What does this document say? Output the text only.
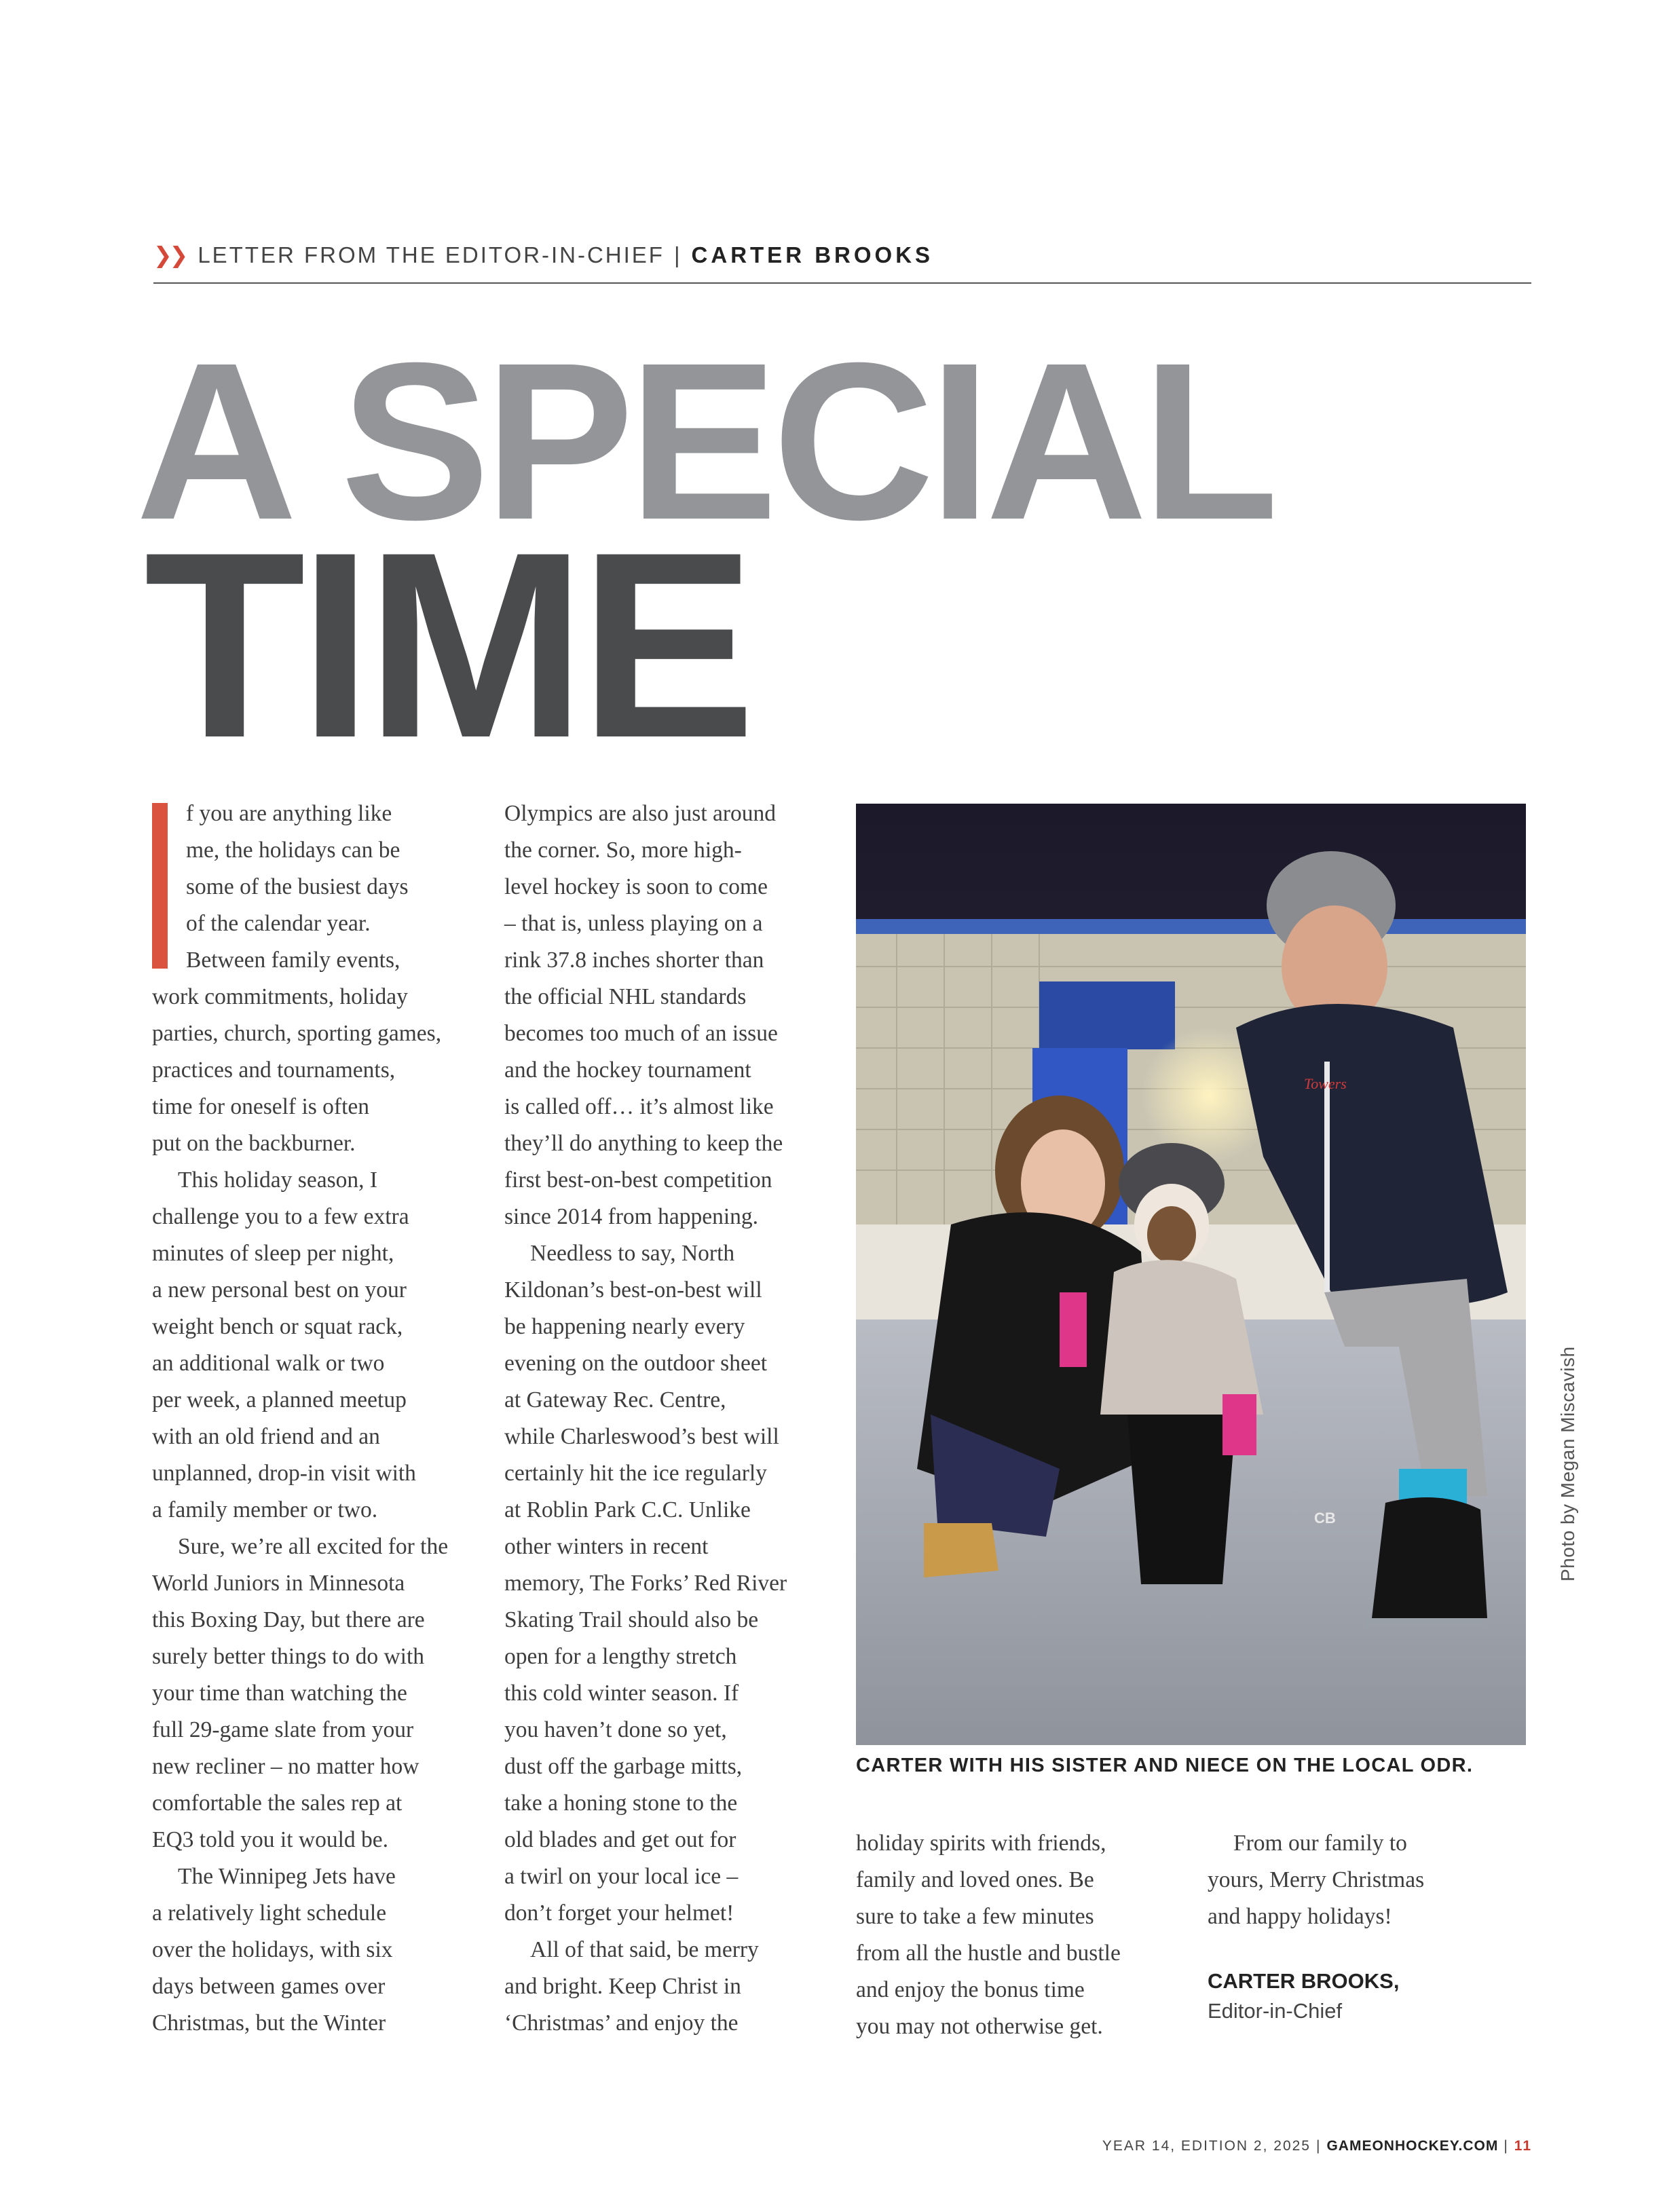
❯❯ LETTER FROM THE EDITOR-IN-CHIEF | CARTER BROOKS
A SPECIAL
TIME
f you are anything like
me, the holidays can be
some of the busiest days
of the calendar year.
Between family events,
work commitments, holiday
parties, church, sporting games,
practices and tournaments,
time for oneself is often
put on the backburner.
This holiday season, I
challenge you to a few extra
minutes of sleep per night,
a new personal best on your
weight bench or squat rack,
an additional walk or two
per week, a planned meetup
with an old friend and an
unplanned, drop-in visit with
a family member or two.
Sure, we’re all excited for the
World Juniors in Minnesota
this Boxing Day, but there are
surely better things to do with
your time than watching the
full 29-game slate from your
new recliner – no matter how
comfortable the sales rep at
EQ3 told you it would be.
The Winnipeg Jets have
a relatively light schedule
over the holidays, with six
days between games over
Christmas, but the Winter
Olympics are also just around
the corner. So, more high-
level hockey is soon to come
– that is, unless playing on a
rink 37.8 inches shorter than
the official NHL standards
becomes too much of an issue
and the hockey tournament
is called off… it’s almost like
they’ll do anything to keep the
first best-on-best competition
since 2014 from happening.
Needless to say, North
Kildonan’s best-on-best will
be happening nearly every
evening on the outdoor sheet
at Gateway Rec. Centre,
while Charleswood’s best will
certainly hit the ice regularly
at Roblin Park C.C. Unlike
other winters in recent
memory, The Forks’ Red River
Skating Trail should also be
open for a lengthy stretch
this cold winter season. If
you haven’t done so yet,
dust off the garbage mitts,
take a honing stone to the
old blades and get out for
a twirl on your local ice –
don’t forget your helmet!
All of that said, be merry
and bright. Keep Christ in
‘Christmas’ and enjoy the
CB
Towers
Photo by Megan Miscavish
CARTER WITH HIS SISTER AND NIECE ON THE LOCAL ODR.
holiday spirits with friends,
family and loved ones. Be
sure to take a few minutes
from all the hustle and bustle
and enjoy the bonus time
you may not otherwise get.
From our family to
yours, Merry Christmas
and happy holidays!
CARTER BROOKS,
Editor-in-Chief
YEAR 14, EDITION 2, 2025 | GAMEONHOCKEY.COM | 11
